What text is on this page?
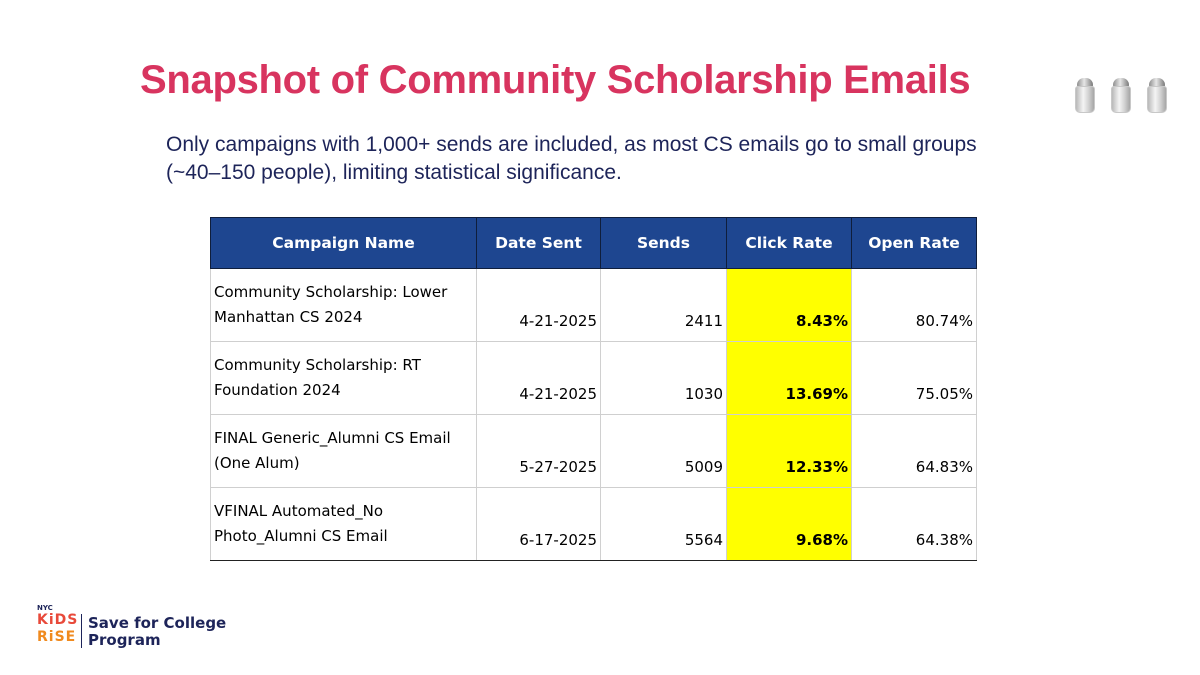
Snapshot of Community Scholarship Emails

Only campaigns with 1,000+ sends are included, as most CS emails go to small groups (~40–150 people), limiting statistical significance.

Campaign Name	Date Sent	Sends	Click Rate	Open Rate
Community Scholarship: Lower
Manhattan CS 2024	4-21-2025	2411	8.43%	80.74%
Community Scholarship: RT
Foundation 2024	4-21-2025	1030	13.69%	75.05%
FINAL Generic_Alumni CS Email
(One Alum)	5-27-2025	5009	12.33%	64.83%
VFINAL Automated_No
Photo_Alumni CS Email	6-17-2025	5564	9.68%	64.38%
NYC
KiDS
RiSE
Save for College
Program
